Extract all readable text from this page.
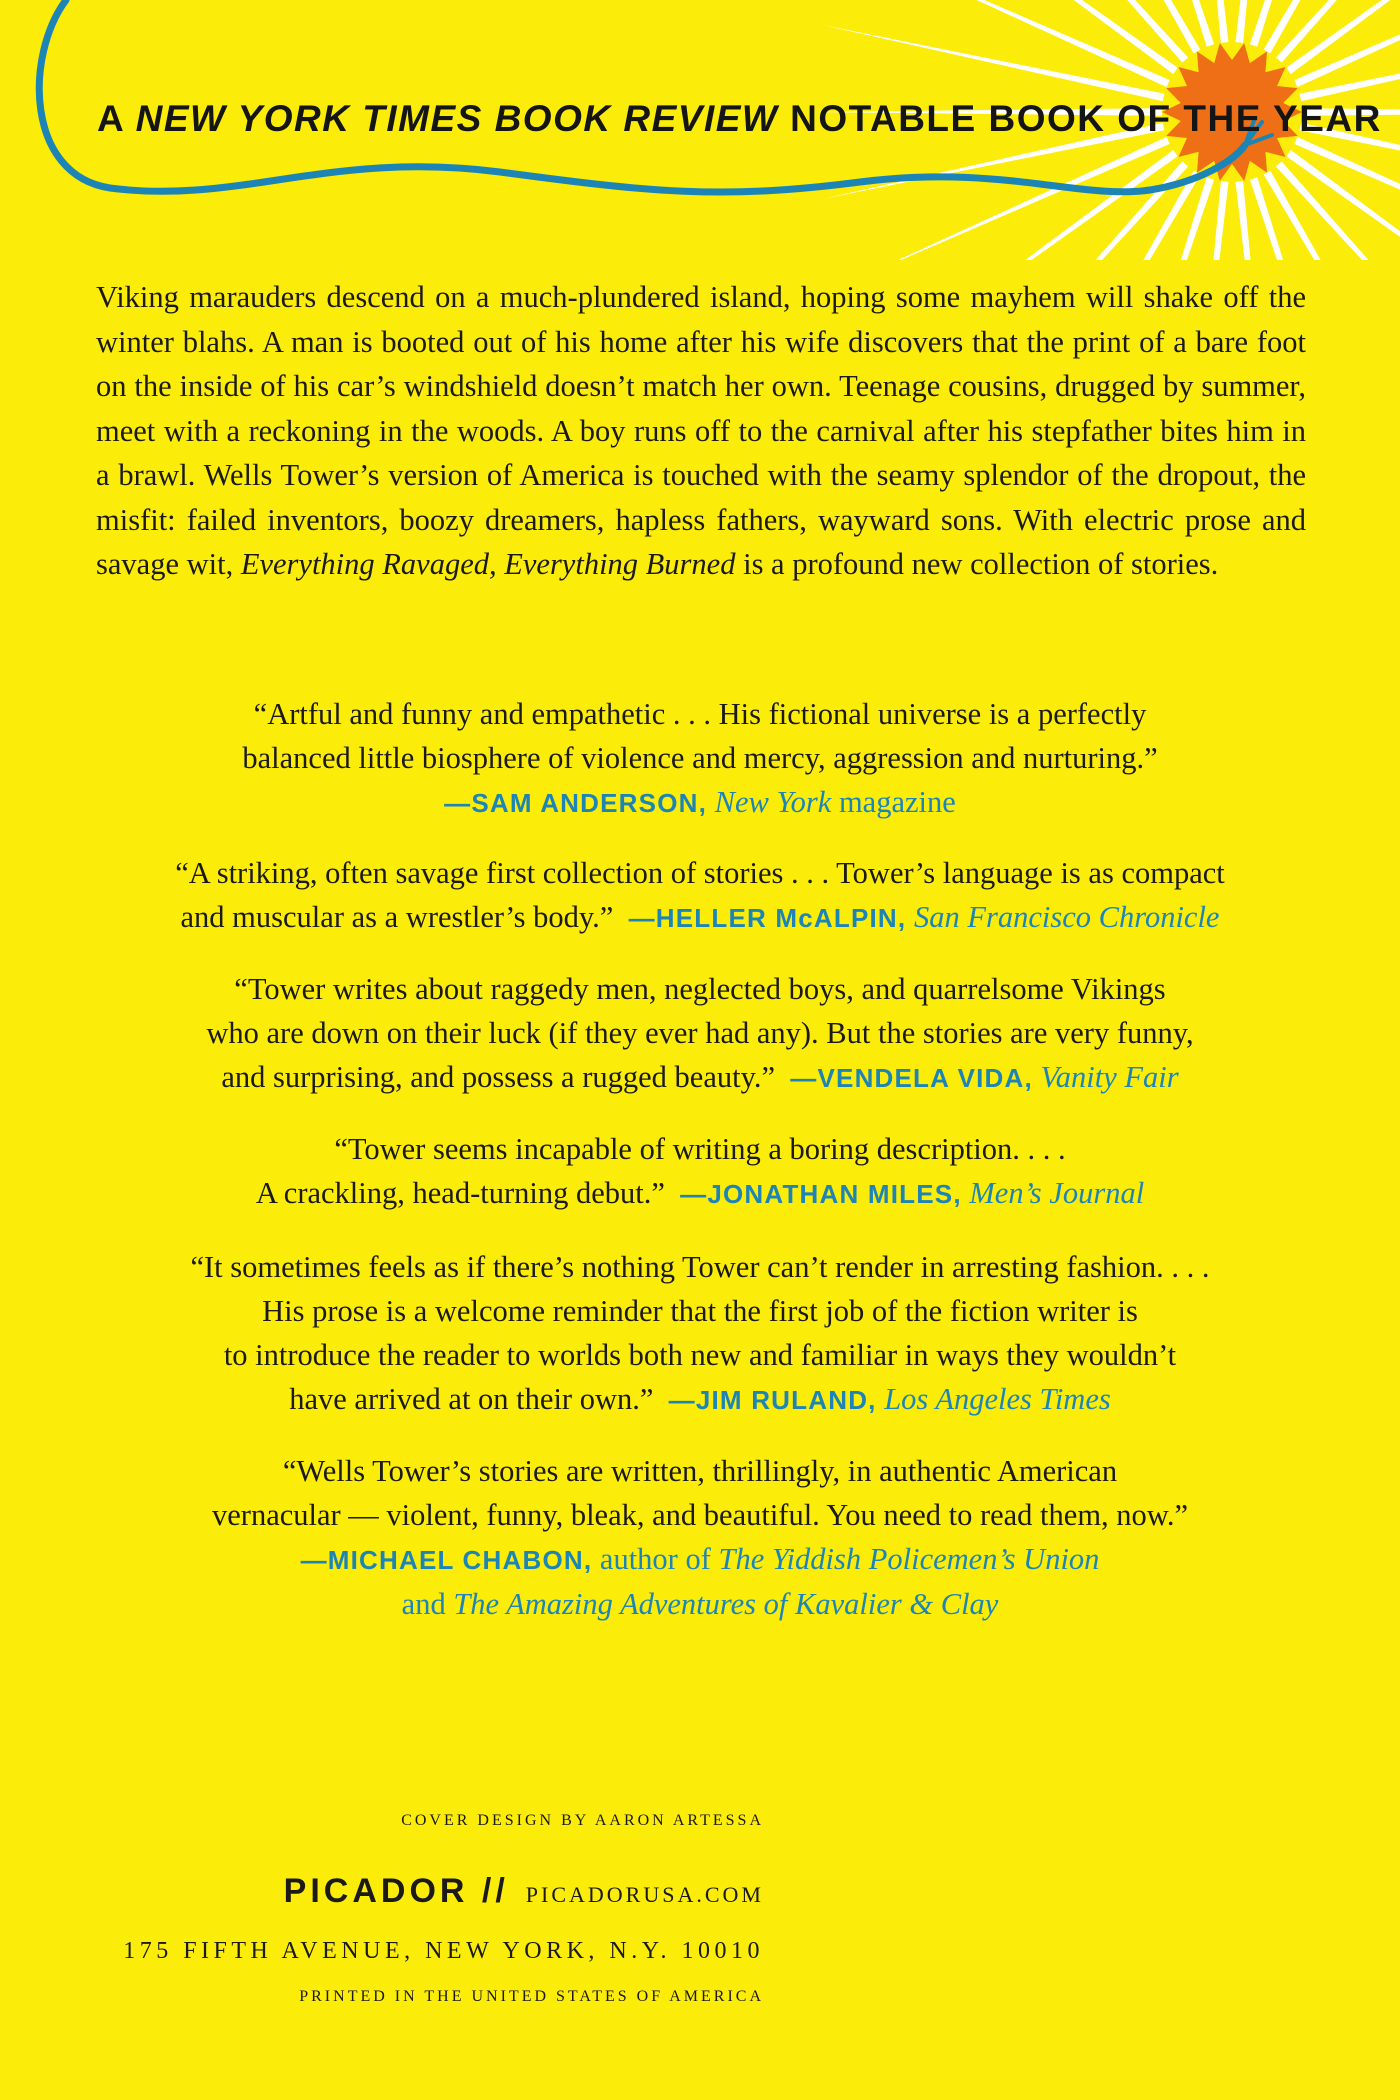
A NEW YORK TIMES BOOK REVIEW NOTABLE BOOK OF THE YEAR

Viking marauders descend on a much-plundered island, hoping some mayhem will shake off the winter blahs. A man is booted out of his home after his wife discovers that the print of a bare foot on the inside of his car’s windshield doesn’t match her own. Teenage cousins, drugged by summer, meet with a reckoning in the woods. A boy runs off to the carnival after his stepfather bites him in a brawl. Wells Tower’s version of America is touched with the seamy splendor of the dropout, the misfit: failed inventors, boozy dreamers, hapless fathers, wayward sons. With electric prose and savage wit, Everything Ravaged, Everything Burned is a profound new collection of stories.

“Artful and funny and empathetic . . . His fictional universe is a perfectly
balanced little biosphere of violence and mercy, aggression and nurturing.”
—SAM ANDERSON, New York magazine
“A striking, often savage first collection of stories . . . Tower’s language is as compact
and muscular as a wrestler’s body.” —HELLER McALPIN, San Francisco Chronicle
“Tower writes about raggedy men, neglected boys, and quarrelsome Vikings
who are down on their luck (if they ever had any). But the stories are very funny,
and surprising, and possess a rugged beauty.” —VENDELA VIDA, Vanity Fair
“Tower seems incapable of writing a boring description. . . .
A crackling, head-turning debut.” —JONATHAN MILES, Men’s Journal
“It sometimes feels as if there’s nothing Tower can’t render in arresting fashion. . . .
His prose is a welcome reminder that the first job of the fiction writer is
to introduce the reader to worlds both new and familiar in ways they wouldn’t
have arrived at on their own.” —JIM RULAND, Los Angeles Times
“Wells Tower’s stories are written, thrillingly, in authentic American
vernacular — violent, funny, bleak, and beautiful. You need to read them, now.”
—MICHAEL CHABON, author of The Yiddish Policemen’s Union
and The Amazing Adventures of Kavalier & Clay
COVER DESIGN BY AARON ARTESSA
PICADOR // PICADORUSA.COM
175 FIFTH AVENUE, NEW YORK, N.Y. 10010
PRINTED IN THE UNITED STATES OF AMERICA
